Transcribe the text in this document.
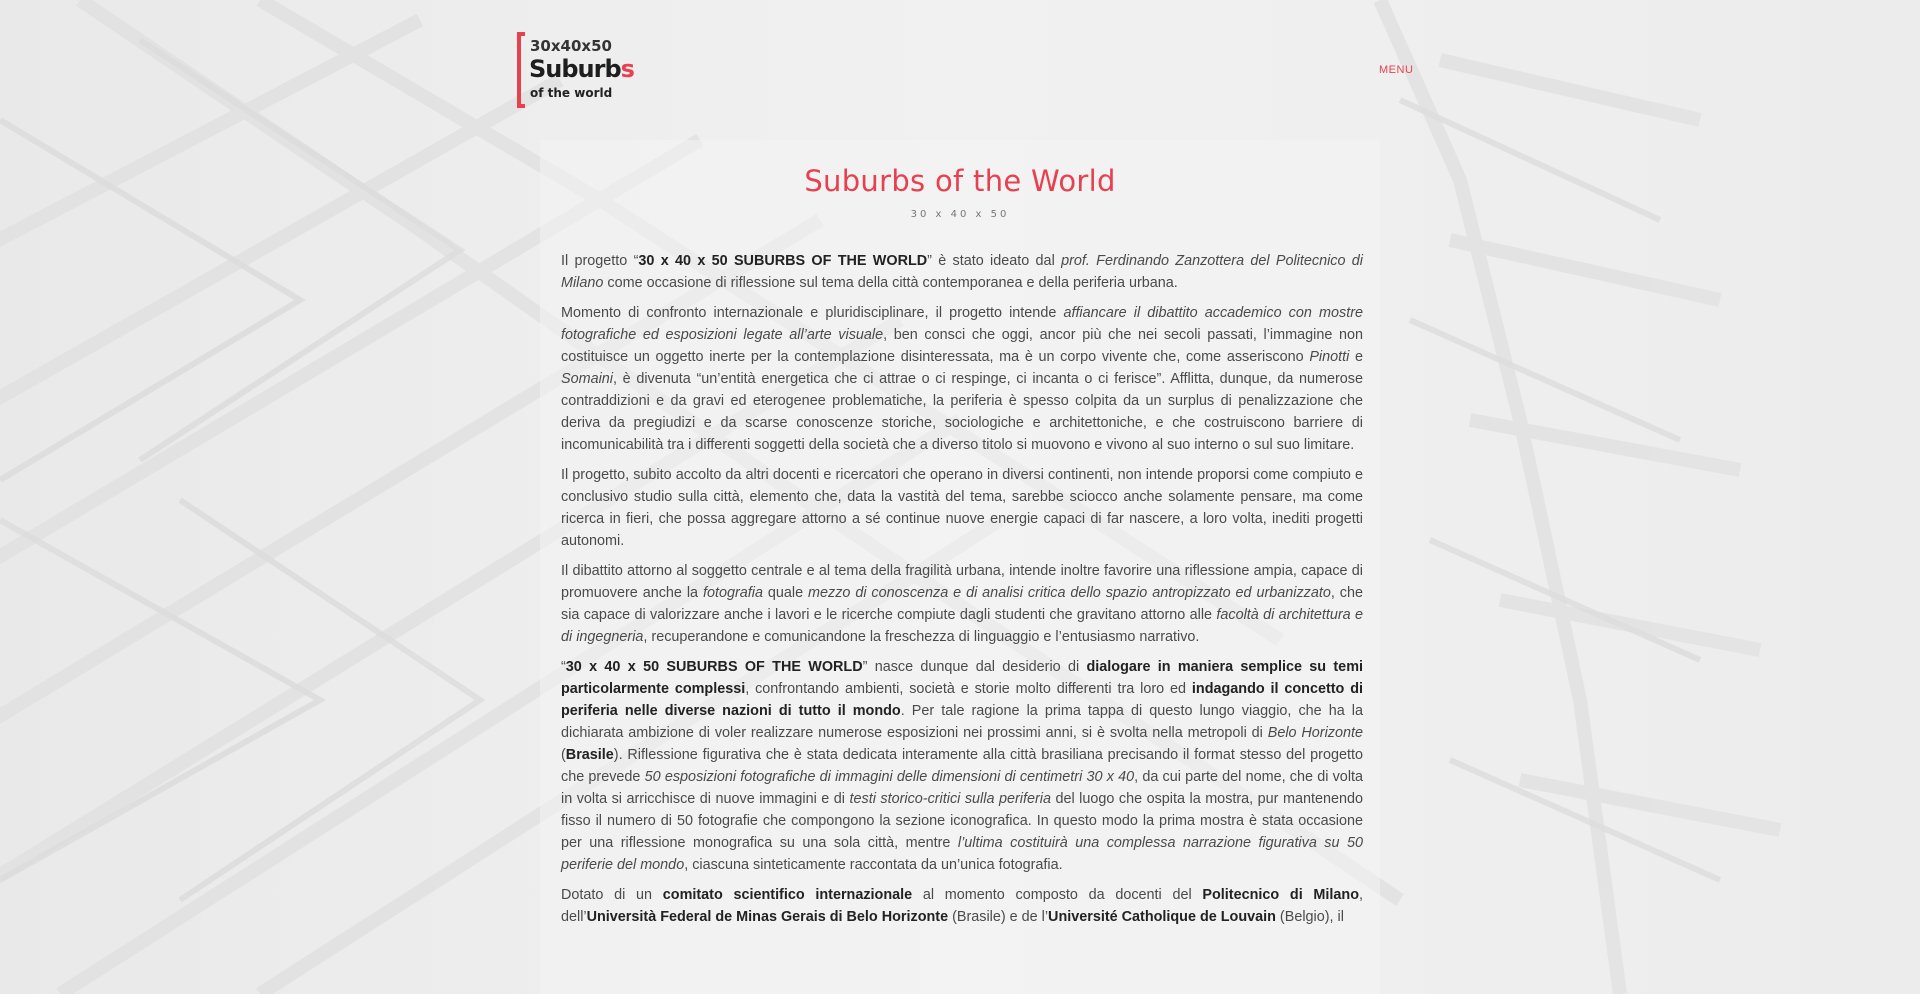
30x40x50
Suburbs
of the world
MENU
Suburbs of the World
30 x 40 x 50

Il progetto “30 x 40 x 50 SUBURBS OF THE WORLD” è stato ideato dal prof. Ferdinando Zanzottera del Politecnico di Milano come occasione di riflessione sul tema della città contemporanea e della periferia urbana.

Momento di confronto internazionale e pluridisciplinare, il progetto intende affiancare il dibattito accademico con mostre fotografiche ed esposizioni legate all’arte visuale, ben consci che oggi, ancor più che nei secoli passati, l’immagine non costituisce un oggetto inerte per la contemplazione disinteressata, ma è un corpo vivente che, come asseriscono Pinotti e Somaini, è divenuta “un’entità energetica che ci attrae o ci respinge, ci incanta o ci ferisce”. Afflitta, dunque, da numerose contraddizioni e da gravi ed eterogenee problematiche, la periferia è spesso colpita da un surplus di penalizzazione che deriva da pregiudizi e da scarse conoscenze storiche, sociologiche e architettoniche, e che costruiscono barriere di incomunicabilità tra i differenti soggetti della società che a diverso titolo si muovono e vivono al suo interno o sul suo limitare.

Il progetto, subito accolto da altri docenti e ricercatori che operano in diversi continenti, non intende proporsi come compiuto e conclusivo studio sulla città, elemento che, data la vastità del tema, sarebbe sciocco anche solamente pensare, ma come ricerca in fieri, che possa aggregare attorno a sé continue nuove energie capaci di far nascere, a loro volta, inediti progetti autonomi.

Il dibattito attorno al soggetto centrale e al tema della fragilità urbana, intende inoltre favorire una riflessione ampia, capace di promuovere anche la fotografia quale mezzo di conoscenza e di analisi critica dello spazio antropizzato ed urbanizzato, che sia capace di valorizzare anche i lavori e le ricerche compiute dagli studenti che gravitano attorno alle facoltà di architettura e di ingegneria, recuperandone e comunicandone la freschezza di linguaggio e l’entusiasmo narrativo.

“30 x 40 x 50 SUBURBS OF THE WORLD” nasce dunque dal desiderio di dialogare in maniera semplice su temi particolarmente complessi, confrontando ambienti, società e storie molto differenti tra loro ed indagando il concetto di periferia nelle diverse nazioni di tutto il mondo. Per tale ragione la prima tappa di questo lungo viaggio, che ha la dichiarata ambizione di voler realizzare numerose esposizioni nei prossimi anni, si è svolta nella metropoli di Belo Horizonte (Brasile). Riflessione figurativa che è stata dedicata interamente alla città brasiliana precisando il format stesso del progetto che prevede 50 esposizioni fotografiche di immagini delle dimensioni di centimetri 30 x 40, da cui parte del nome, che di volta in volta si arricchisce di nuove immagini e di testi storico-critici sulla periferia del luogo che ospita la mostra, pur mantenendo fisso il numero di 50 fotografie che compongono la sezione iconografica. In questo modo la prima mostra è stata occasione per una riflessione monografica su una sola città, mentre l’ultima costituirà una complessa narrazione figurativa su 50 periferie del mondo, ciascuna sinteticamente raccontata da un’unica fotografia.

Dotato di un comitato scientifico internazionale al momento composto da docenti del Politecnico di Milano, dell’Università Federal de Minas Gerais di Belo Horizonte (Brasile) e de l’Université Catholique de Louvain (Belgio), il
